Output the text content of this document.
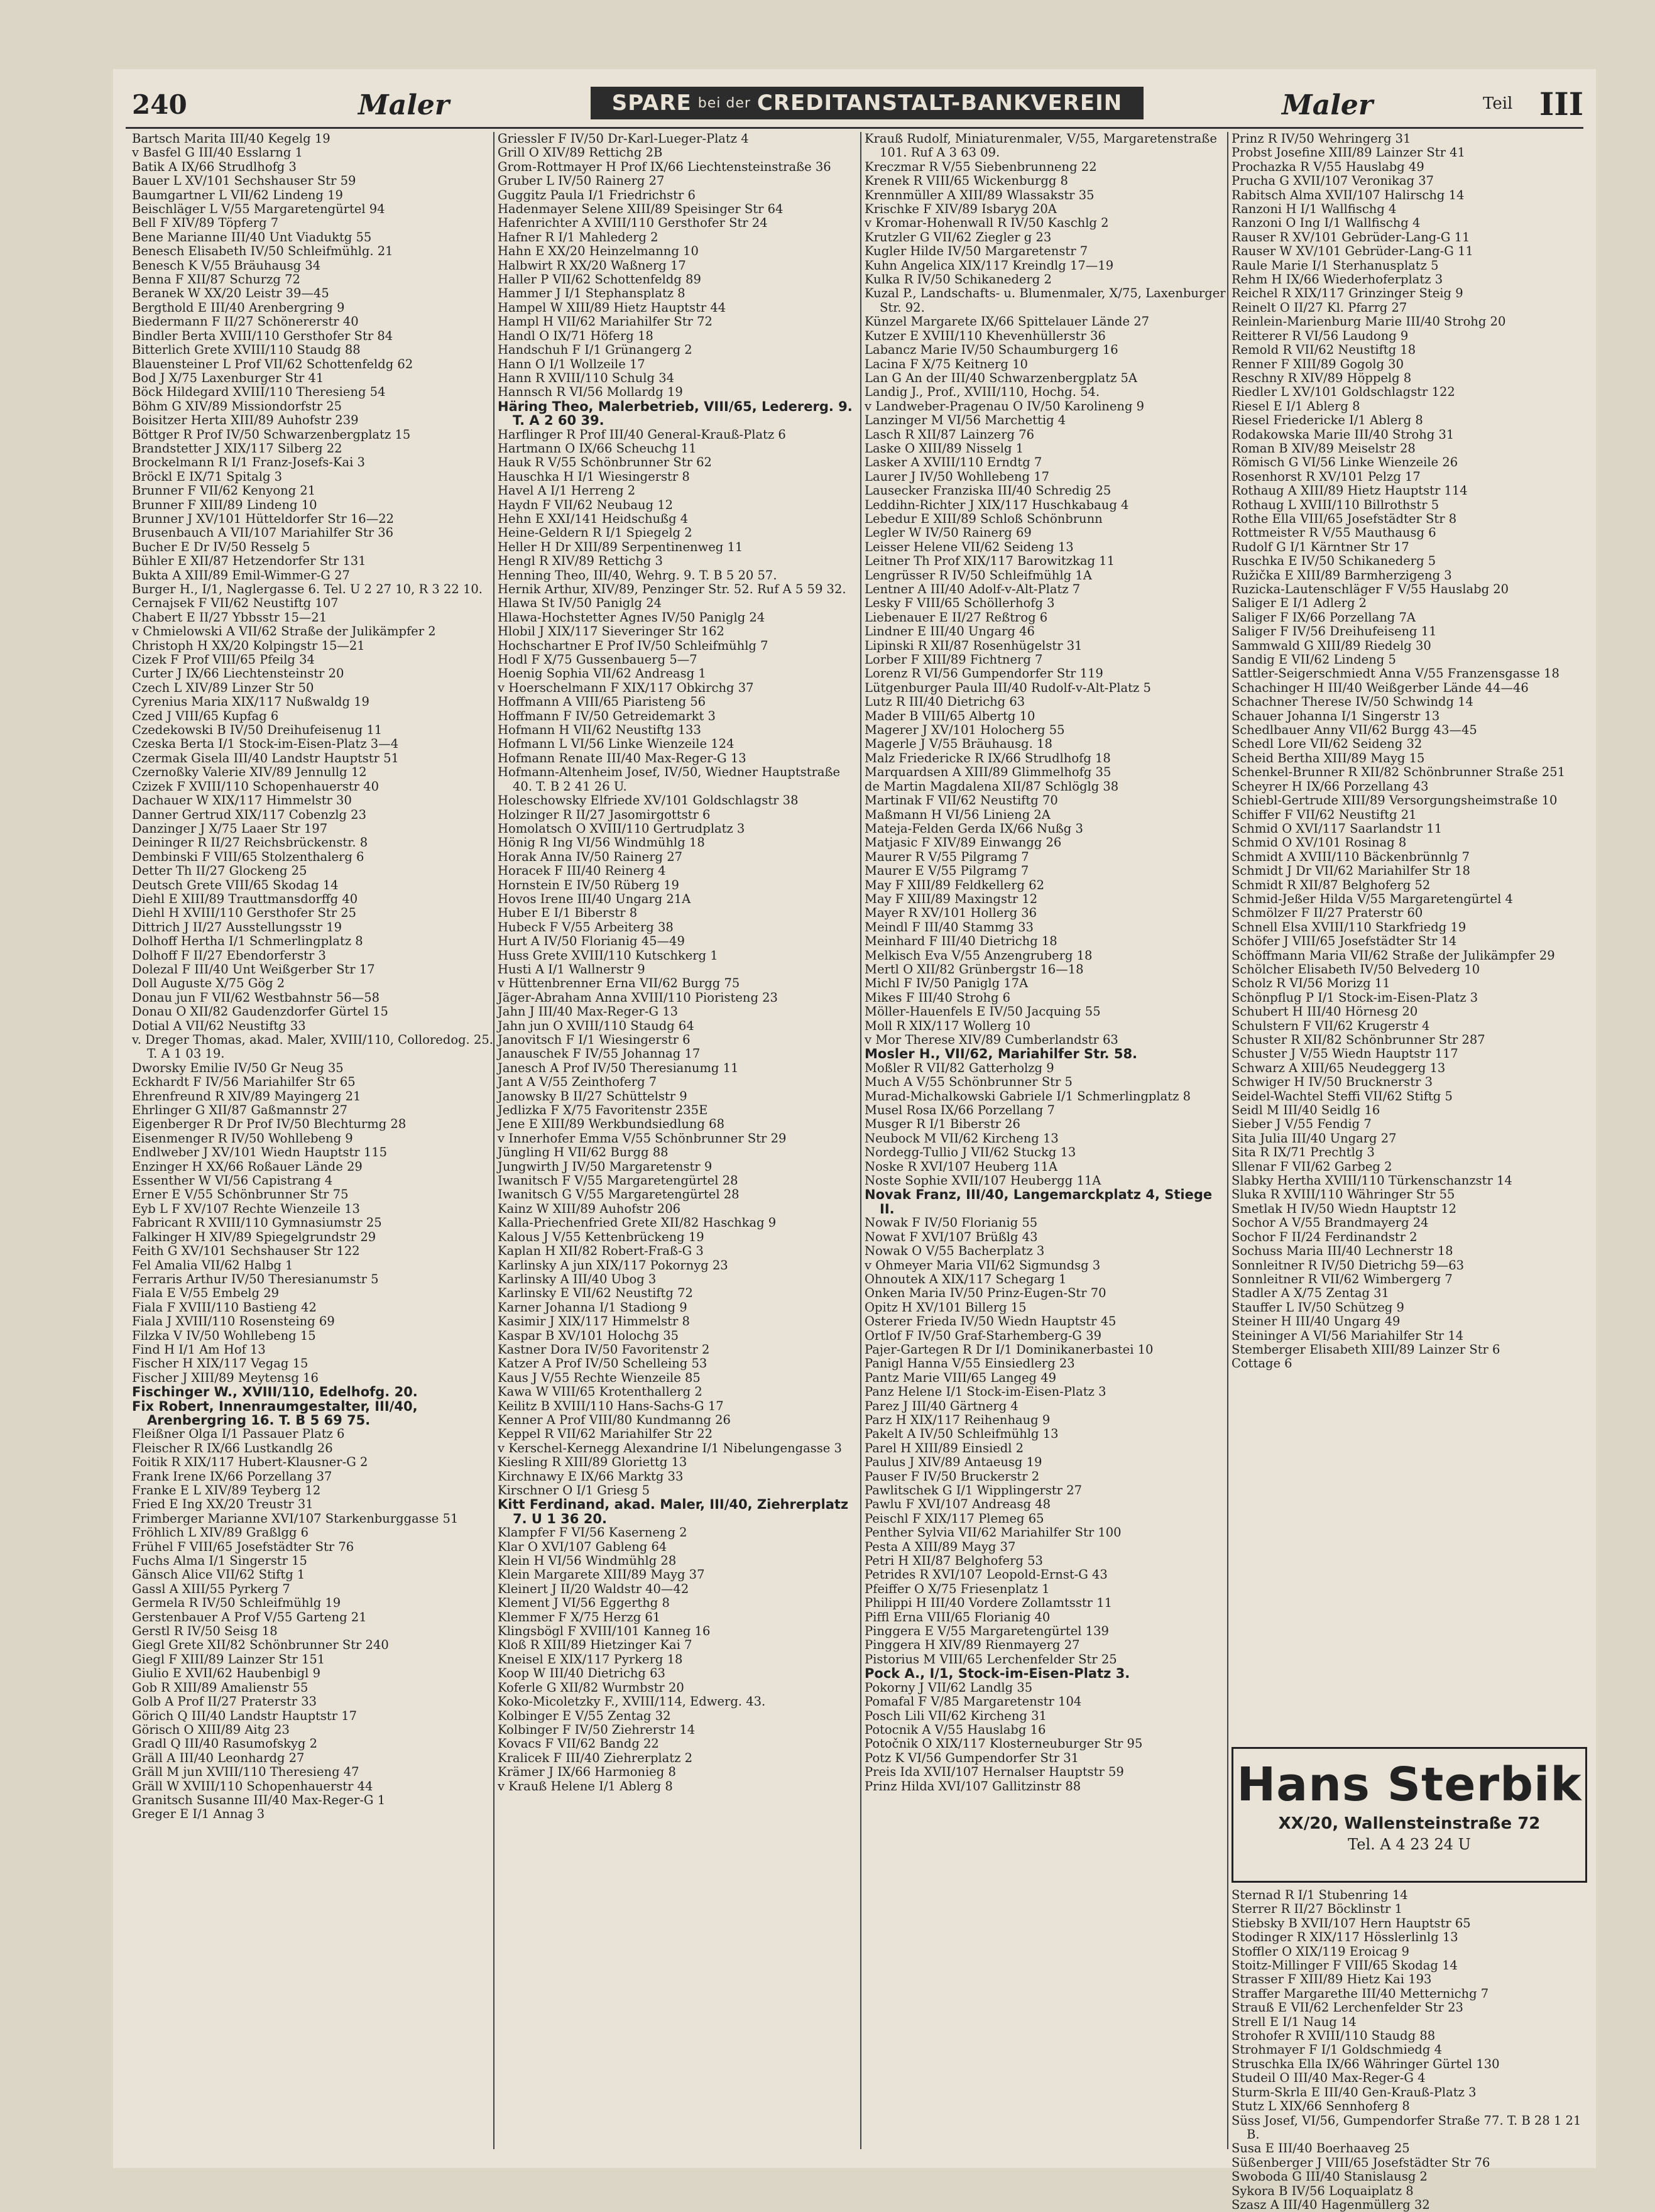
240	Maler	SPARE bei der CREDITANSTALT-BANKVEREIN	Maler	Teil III

Bartsch Marita III/40 Kegelg 19

v Basfel G III/40 Esslarng 1

Batik A IX/66 Strudlhofg 3

Bauer L XV/101 Sechshauser Str 59

Baumgartner L VII/62 Lindeng 19

Beischläger L V/55 Margaretengürtel 94

Bell F XIV/89 Töpferg 7

Bene Marianne III/40 Unt Viaduktg 55

Benesch Elisabeth IV/50 Schleifmühlg. 21

Benesch K V/55 Bräuhausg 34

Benna F XII/87 Schurzg 72

Beranek W XX/20 Leistr 39—45

Bergthold E III/40 Arenbergring 9

Biedermann F II/27 Schönererstr 40

Bindler Berta XVIII/110 Gersthofer Str 84

Bitterlich Grete XVIII/110 Staudg 88

Blauensteiner L Prof VII/62 Schottenfeldg 62

Bod J X/75 Laxenburger Str 41

Böck Hildegard XVIII/110 Theresieng 54

Böhm G XIV/89 Missiondorfstr 25

Boisitzer Herta XIII/89 Auhofstr 239

Böttger R Prof IV/50 Schwarzenbergplatz 15

Brandstetter J XIX/117 Silberg 22

Brockelmann R I/1 Franz-Josefs-Kai 3

Bröckl E IX/71 Spitalg 3

Brunner F VII/62 Kenyong 21

Brunner F XIII/89 Lindeng 10

Brunner J XV/101 Hütteldorfer Str 16—22

Brusenbauch A VII/107 Mariahilfer Str 36

Bucher E Dr IV/50 Resselg 5

Bühler E XII/87 Hetzendorfer Str 131

Bukta A XIII/89 Emil-Wimmer-G 27

Burger H., I/1, Naglergasse 6. Tel. U 2 27 10, R 3 22 10.

Cernajsek F VII/62 Neustiftg 107

Chabert E II/27 Ybbsstr 15—21

v Chmielowski A VII/62 Straße der Julikämpfer 2

Christoph H XX/20 Kolpingstr 15—21

Cizek F Prof VIII/65 Pfeilg 34

Curter J IX/66 Liechtensteinstr 20

Czech L XIV/89 Linzer Str 50

Cyrenius Maria XIX/117 Nußwaldg 19

Czed J VIII/65 Kupfag 6

Czedekowski B IV/50 Dreihufeisenug 11

Czeska Berta I/1 Stock-im-Eisen-Platz 3—4

Czermak Gisela III/40 Landstr Hauptstr 51

Czernoßky Valerie XIV/89 Jennullg 12

Czizek F XVIII/110 Schopenhauerstr 40

Dachauer W XIX/117 Himmelstr 30

Danner Gertrud XIX/117 Cobenzlg 23

Danzinger J X/75 Laaer Str 197

Deininger R II/27 Reichsbrückenstr. 8

Dembinski F VIII/65 Stolzenthalerg 6

Detter Th II/27 Glockeng 25

Deutsch Grete VIII/65 Skodag 14

Diehl E XIII/89 Trauttmansdorffg 40

Diehl H XVIII/110 Gersthofer Str 25

Dittrich J II/27 Ausstellungsstr 19

Dolhoff Hertha I/1 Schmerlingplatz 8

Dolhoff F II/27 Ebendorferstr 3

Dolezal F III/40 Unt Weißgerber Str 17

Doll Auguste X/75 Gög 2

Donau jun F VII/62 Westbahnstr 56—58

Donau O XII/82 Gaudenzdorfer Gürtel 15

Dotial A VII/62 Neustiftg 33

v. Dreger Thomas, akad. Maler, XVIII/110, Colloredog. 25. T. A 1 03 19.

Dworsky Emilie IV/50 Gr Neug 35

Eckhardt F IV/56 Mariahilfer Str 65

Ehrenfreund R XIV/89 Mayingerg 21

Ehrlinger G XII/87 Gaßmannstr 27

Eigenberger R Dr Prof IV/50 Blechturmg 28

Eisenmenger R IV/50 Wohllebeng 9

Endlweber J XV/101 Wiedn Hauptstr 115

Enzinger H XX/66 Roßauer Lände 29

Essenther W VI/56 Capistrang 4

Erner E V/55 Schönbrunner Str 75

Eyb L F XV/107 Rechte Wienzeile 13

Fabricant R XVIII/110 Gymnasiumstr 25

Falkinger H XIV/89 Spiegelgrundstr 29

Feith G XV/101 Sechshauser Str 122

Fel Amalia VII/62 Halbg 1

Ferraris Arthur IV/50 Theresianumstr 5

Fiala E V/55 Embelg 29

Fiala F XVIII/110 Bastieng 42

Fiala J XVIII/110 Rosensteing 69

Filzka V IV/50 Wohllebeng 15

Find H I/1 Am Hof 13

Fischer H XIX/117 Vegag 15

Fischer J XIII/89 Meytensg 16

Fischinger W., XVIII/110, Edelhofg. 20.

Fix Robert, Innenraumgestalter, III/40, Arenbergring 16. T. B 5 69 75.

Fleißner Olga I/1 Passauer Platz 6

Fleischer R IX/66 Lustkandlg 26

Foitik R XIX/117 Hubert-Klausner-G 2

Frank Irene IX/66 Porzellang 37

Franke E L XIV/89 Teyberg 12

Fried E Ing XX/20 Treustr 31

Frimberger Marianne XVI/107 Starkenburggasse 51

Fröhlich L XIV/89 Graßlgg 6

Frühel F VIII/65 Josefstädter Str 76

Fuchs Alma I/1 Singerstr 15

Gänsch Alice VII/62 Stiftg 1

Gassl A XIII/55 Pyrkerg 7

Germela R IV/50 Schleifmühlg 19

Gerstenbauer A Prof V/55 Garteng 21

Gerstl R IV/50 Seisg 18

Giegl Grete XII/82 Schönbrunner Str 240

Giegl F XIII/89 Lainzer Str 151

Giulio E XVII/62 Haubenbigl 9

Gob R XIII/89 Amalienstr 55

Golb A Prof II/27 Praterstr 33

Görich Q III/40 Landstr Hauptstr 17

Görisch O XIII/89 Aitg 23

Gradl Q III/40 Rasumofskyg 2

Gräll A III/40 Leonhardg 27

Gräll M jun XVIII/110 Theresieng 47

Gräll W XVIII/110 Schopenhauerstr 44

Granitsch Susanne III/40 Max-Reger-G 1

Greger E I/1 Annag 3

Griessler F IV/50 Dr-Karl-Lueger-Platz 4

Grill O XIV/89 Rettichg 2B

Grom-Rottmayer H Prof IX/66 Liechtensteinstraße 36

Gruber L IV/50 Rainerg 27

Guggitz Paula I/1 Friedrichstr 6

Hadenmayer Selene XIII/89 Speisinger Str 64

Hafenrichter A XVIII/110 Gersthofer Str 24

Hafner R I/1 Mahlederg 2

Hahn E XX/20 Heinzelmanng 10

Halbwirt R XX/20 Waßnerg 17

Haller P VII/62 Schottenfeldg 89

Hammer J I/1 Stephansplatz 8

Hampel W XIII/89 Hietz Hauptstr 44

Hampl H VII/62 Mariahilfer Str 72

Handl O IX/71 Höferg 18

Handschuh F I/1 Grünangerg 2

Hann O I/1 Wollzeile 17

Hann R XVIII/110 Schulg 34

Hannsch R VI/56 Mollardg 19

Häring Theo, Malerbetrieb, VIII/65, Ledererg. 9. T. A 2 60 39.

Harflinger R Prof III/40 General-Krauß-Platz 6

Hartmann O IX/66 Scheuchg 11

Hauk R V/55 Schönbrunner Str 62

Hauschka H I/1 Wiesingerstr 8

Havel A I/1 Herreng 2

Haydn F VII/62 Neubaug 12

Hehn E XXI/141 Heidschußg 4

Heine-Geldern R I/1 Spiegelg 2

Heller H Dr XIII/89 Serpentinenweg 11

Hengl R XIV/89 Rettichg 3

Henning Theo, III/40, Wehrg. 9. T. B 5 20 57.

Hernik Arthur, XIV/89, Penzinger Str. 52. Ruf A 5 59 32.

Hlawa St IV/50 Paniglg 24

Hlawa-Hochstetter Agnes IV/50 Paniglg 24

Hlobil J XIX/117 Sieveringer Str 162

Hochschartner E Prof IV/50 Schleifmühlg 7

Hodl F X/75 Gussenbauerg 5—7

Hoenig Sophia VII/62 Andreasg 1

v Hoerschelmann F XIX/117 Obkirchg 37

Hoffmann A VIII/65 Piaristeng 56

Hoffmann F IV/50 Getreidemarkt 3

Hofmann H VII/62 Neustiftg 133

Hofmann L VI/56 Linke Wienzeile 124

Hofmann Renate III/40 Max-Reger-G 13

Hofmann-Altenheim Josef, IV/50, Wiedner Hauptstraße 40. T. B 2 41 26 U.

Holeschowsky Elfriede XV/101 Goldschlagstr 38

Holzinger R II/27 Jasomirgottstr 6

Homolatsch O XVIII/110 Gertrudplatz 3

Hönig R Ing VI/56 Windmühlg 18

Horak Anna IV/50 Rainerg 27

Horacek F III/40 Reinerg 4

Hornstein E IV/50 Rüberg 19

Hovos Irene III/40 Ungarg 21A

Huber E I/1 Biberstr 8

Hubeck F V/55 Arbeiterg 38

Hurt A IV/50 Florianig 45—49

Huss Grete XVIII/110 Kutschkerg 1

Husti A I/1 Wallnerstr 9

v Hüttenbrenner Erna VII/62 Burgg 75

Jäger-Abraham Anna XVIII/110 Pioristeng 23

Jahn J III/40 Max-Reger-G 13

Jahn jun O XVIII/110 Staudg 64

Janovitsch F I/1 Wiesingerstr 6

Janauschek F IV/55 Johannag 17

Janesch A Prof IV/50 Theresianumg 11

Jant A V/55 Zeinthoferg 7

Janowsky B II/27 Schüttelstr 9

Jedlizka F X/75 Favoritenstr 235E

Jene E XIII/89 Werkbundsiedlung 68

v Innerhofer Emma V/55 Schönbrunner Str 29

Jüngling H VII/62 Burgg 88

Jungwirth J IV/50 Margaretenstr 9

Iwanitsch F V/55 Margaretengürtel 28

Iwanitsch G V/55 Margaretengürtel 28

Kainz W XIII/89 Auhofstr 206

Kalla-Priechenfried Grete XII/82 Haschkag 9

Kalous J V/55 Kettenbrückeng 19

Kaplan H XII/82 Robert-Fraß-G 3

Karlinsky A jun XIX/117 Pokornyg 23

Karlinsky A III/40 Ubog 3

Karlinsky E VII/62 Neustiftg 72

Karner Johanna I/1 Stadiong 9

Kasimir J XIX/117 Himmelstr 8

Kaspar B XV/101 Holochg 35

Kastner Dora IV/50 Favoritenstr 2

Katzer A Prof IV/50 Schelleing 53

Kaus J V/55 Rechte Wienzeile 85

Kawa W VIII/65 Krotenthallerg 2

Keilitz B XVIII/110 Hans-Sachs-G 17

Kenner A Prof VIII/80 Kundmanng 26

Keppel R VII/62 Mariahilfer Str 22

v Kerschel-Kernegg Alexandrine I/1 Nibelungengasse 3

Kiesling R XIII/89 Gloriettg 13

Kirchnawy E IX/66 Marktg 33

Kirschner O I/1 Griesg 5

Kitt Ferdinand, akad. Maler, III/40, Ziehrerplatz 7. U 1 36 20.

Klampfer F VI/56 Kaserneng 2

Klar O XVI/107 Gableng 64

Klein H VI/56 Windmühlg 28

Klein Margarete XIII/89 Mayg 37

Kleinert J II/20 Waldstr 40—42

Klement J VI/56 Eggerthg 8

Klemmer F X/75 Herzg 61

Klingsbögl F XVIII/101 Kanneg 16

Kloß R XIII/89 Hietzinger Kai 7

Kneisel E XIX/117 Pyrkerg 18

Koop W III/40 Dietrichg 63

Koferle G XII/82 Wurmbstr 20

Koko-Micoletzky F., XVIII/114, Edwerg. 43.

Kolbinger E V/55 Zentag 32

Kolbinger F IV/50 Ziehrerstr 14

Kovacs F VII/62 Bandg 22

Kralicek F III/40 Ziehrerplatz 2

Krämer J IX/66 Harmonieg 8

v Krauß Helene I/1 Ablerg 8

Krauß Rudolf, Miniaturenmaler, V/55, Margaretenstraße 101. Ruf A 3 63 09.

Kreczmar R V/55 Siebenbrunneng 22

Krenek R VIII/65 Wickenburgg 8

Krennmüller A XIII/89 Wlassakstr 35

Krischke F XIV/89 Isbaryg 20A

v Kromar-Hohenwall R IV/50 Kaschlg 2

Krutzler G VII/62 Ziegler g 23

Kugler Hilde IV/50 Margaretenstr 7

Kuhn Angelica XIX/117 Kreindlg 17—19

Kulka R IV/50 Schikanederg 2

Kuzal P., Landschafts- u. Blumenmaler, X/75, Laxenburger Str. 92.

Künzel Margarete IX/66 Spittelauer Lände 27

Kutzer E XVIII/110 Khevenhüllerstr 36

Labancz Marie IV/50 Schaumburgerg 16

Lacina F X/75 Keitnerg 10

Lan G An der III/40 Schwarzenbergplatz 5A

Landig J., Prof., XVIII/110, Hochg. 54.

v Landweber-Pragenau O IV/50 Karolineng 9

Lanzinger M VI/56 Marchettig 4

Lasch R XII/87 Lainzerg 76

Laske O XIII/89 Nisselg 1

Lasker A XVIII/110 Erndtg 7

Laurer J IV/50 Wohllebeng 17

Lausecker Franziska III/40 Schredig 25

Leddihn-Richter J XIX/117 Huschkabaug 4

Lebedur E XIII/89 Schloß Schönbrunn

Legler W IV/50 Rainerg 69

Leisser Helene VII/62 Seideng 13

Leitner Th Prof XIX/117 Barowitzkag 11

Lengrüsser R IV/50 Schleifmühlg 1A

Lentner A III/40 Adolf-v-Alt-Platz 7

Lesky F VIII/65 Schöllerhofg 3

Liebenauer E II/27 Reßtrog 6

Lindner E III/40 Ungarg 46

Lipinski R XII/87 Rosenhügelstr 31

Lorber F XIII/89 Fichtnerg 7

Lorenz R VI/56 Gumpendorfer Str 119

Lütgenburger Paula III/40 Rudolf-v-Alt-Platz 5

Lutz R III/40 Dietrichg 63

Mader B VIII/65 Albertg 10

Magerer J XV/101 Holocherg 55

Magerle J V/55 Bräuhausg. 18

Malz Friedericke R IX/66 Strudlhofg 18

Marquardsen A XIII/89 Glimmelhofg 35

de Martin Magdalena XII/87 Schlöglg 38

Martinak F VII/62 Neustiftg 70

Maßmann H VI/56 Linieng 2A

Mateja-Felden Gerda IX/66 Nußg 3

Matjasic F XIV/89 Einwangg 26

Maurer R V/55 Pilgramg 7

Maurer E V/55 Pilgramg 7

May F XIII/89 Feldkellerg 62

May F XIII/89 Maxingstr 12

Mayer R XV/101 Hollerg 36

Meindl F III/40 Stammg 33

Meinhard F III/40 Dietrichg 18

Melkisch Eva V/55 Anzengruberg 18

Mertl O XII/82 Grünbergstr 16—18

Michl F IV/50 Paniglg 17A

Mikes F III/40 Strohg 6

Möller-Hauenfels E IV/50 Jacquing 55

Moll R XIX/117 Wollerg 10

v Mor Therese XIV/89 Cumberlandstr 63

Mosler H., VII/62, Mariahilfer Str. 58.

Moßler R VII/82 Gatterholzg 9

Much A V/55 Schönbrunner Str 5

Murad-Michalkowski Gabriele I/1 Schmerlingplatz 8

Musel Rosa IX/66 Porzellang 7

Musger R I/1 Biberstr 26

Neubock M VII/62 Kircheng 13

Nordegg-Tullio J VII/62 Stuckg 13

Noske R XVI/107 Heuberg 11A

Noste Sophie XVII/107 Heubergg 11A

Novak Franz, III/40, Langemarckplatz 4, Stiege II.

Nowak F IV/50 Florianig 55

Nowat F XVI/107 Brüßlg 43

Nowak O V/55 Bacherplatz 3

v Ohmeyer Maria VII/62 Sigmundsg 3

Ohnoutek A XIX/117 Schegarg 1

Onken Maria IV/50 Prinz-Eugen-Str 70

Opitz H XV/101 Billerg 15

Osterer Frieda IV/50 Wiedn Hauptstr 45

Ortlof F IV/50 Graf-Starhemberg-G 39

Pajer-Gartegen R Dr I/1 Dominikanerbastei 10

Panigl Hanna V/55 Einsiedlerg 23

Pantz Marie VIII/65 Langeg 49

Panz Helene I/1 Stock-im-Eisen-Platz 3

Parez J III/40 Gärtnerg 4

Parz H XIX/117 Reihenhaug 9

Pakelt A IV/50 Schleifmühlg 13

Parel H XIII/89 Einsiedl 2

Paulus J XIV/89 Antaeusg 19

Pauser F IV/50 Bruckerstr 2

Pawlitschek G I/1 Wipplingerstr 27

Pawlu F XVI/107 Andreasg 48

Peischl F XIX/117 Plemeg 65

Penther Sylvia VII/62 Mariahilfer Str 100

Pesta A XIII/89 Mayg 37

Petri H XII/87 Belghoferg 53

Petrides R XVI/107 Leopold-Ernst-G 43

Pfeiffer O X/75 Friesenplatz 1

Philippi H III/40 Vordere Zollamtsstr 11

Piffl Erna VIII/65 Florianig 40

Pinggera E V/55 Margaretengürtel 139

Pinggera H XIV/89 Rienmayerg 27

Pistorius M VIII/65 Lerchenfelder Str 25

Pock A., I/1, Stock-im-Eisen-Platz 3.

Pokorny J VII/62 Landlg 35

Pomafal F V/85 Margaretenstr 104

Posch Lili VII/62 Kircheng 31

Potocnik A V/55 Hauslabg 16

Potočnik O XIX/117 Klosterneuburger Str 95

Potz K VI/56 Gumpendorfer Str 31

Preis Ida XVII/107 Hernalser Hauptstr 59

Prinz Hilda XVI/107 Gallitzinstr 88

Prinz R IV/50 Wehringerg 31

Probst Josefine XIII/89 Lainzer Str 41

Prochazka R V/55 Hauslabg 49

Prucha G XVII/107 Veronikag 37

Rabitsch Alma XVII/107 Halirschg 14

Ranzoni H I/1 Wallfischg 4

Ranzoni O Ing I/1 Wallfischg 4

Rauser R XV/101 Gebrüder-Lang-G 11

Rauser W XV/101 Gebrüder-Lang-G 11

Raule Marie I/1 Sterhanusplatz 5

Rehm H IX/66 Wiederhoferplatz 3

Reichel R XIX/117 Grinzinger Steig 9

Reinelt O II/27 Kl. Pfarrg 27

Reinlein-Marienburg Marie III/40 Strohg 20

Reitterer R VI/56 Laudong 9

Remold R VII/62 Neustiftg 18

Renner F XIII/89 Gogolg 30

Reschny R XIV/89 Höppelg 8

Riedler L XV/101 Goldschlagstr 122

Riesel E I/1 Ablerg 8

Riesel Friedericke I/1 Ablerg 8

Rodakowska Marie III/40 Strohg 31

Roman B XIV/89 Meiselstr 28

Römisch G VI/56 Linke Wienzeile 26

Rosenhorst R XV/101 Pelzg 17

Rothaug A XIII/89 Hietz Hauptstr 114

Rothaug L XVIII/110 Billrothstr 5

Rothe Ella VIII/65 Josefstädter Str 8

Rottmeister R V/55 Mauthausg 6

Rudolf G I/1 Kärntner Str 17

Ruschka E IV/50 Schikanederg 5

Ružička E XIII/89 Barmherzigeng 3

Ruzicka-Lautenschläger F V/55 Hauslabg 20

Saliger E I/1 Adlerg 2

Saliger F IX/66 Porzellang 7A

Saliger F IV/56 Dreihufeiseng 11

Sammwald G XIII/89 Riedelg 30

Sandig E VII/62 Lindeng 5

Sattler-Seigerschmiedt Anna V/55 Franzensgasse 18

Schachinger H III/40 Weißgerber Lände 44—46

Schachner Therese IV/50 Schwindg 14

Schauer Johanna I/1 Singerstr 13

Schedlbauer Anny VII/62 Burgg 43—45

Schedl Lore VII/62 Seideng 32

Scheid Bertha XIII/89 Mayg 15

Schenkel-Brunner R XII/82 Schönbrunner Straße 251

Scheyrer H IX/66 Porzellang 43

Schiebl-Gertrude XIII/89 Versorgungsheimstraße 10

Schiffer F VII/62 Neustiftg 21

Schmid O XVI/117 Saarlandstr 11

Schmid O XV/101 Rosinag 8

Schmidt A XVIII/110 Bäckenbrünnlg 7

Schmidt J Dr VII/62 Mariahilfer Str 18

Schmidt R XII/87 Belghoferg 52

Schmid-Jeßer Hilda V/55 Margaretengürtel 4

Schmölzer F II/27 Praterstr 60

Schnell Elsa XVIII/110 Starkfriedg 19

Schöfer J VIII/65 Josefstädter Str 14

Schöffmann Maria VII/62 Straße der Julikämpfer 29

Schölcher Elisabeth IV/50 Belvederg 10

Scholz R VI/56 Morizg 11

Schönpflug P I/1 Stock-im-Eisen-Platz 3

Schubert H III/40 Hörnesg 20

Schulstern F VII/62 Krugerstr 4

Schuster R XII/82 Schönbrunner Str 287

Schuster J V/55 Wiedn Hauptstr 117

Schwarz A XIII/65 Neudeggerg 13

Schwiger H IV/50 Brucknerstr 3

Seidel-Wachtel Steffi VII/62 Stiftg 5

Seidl M III/40 Seidlg 16

Sieber J V/55 Fendig 7

Sita Julia III/40 Ungarg 27

Sita R IX/71 Prechtlg 3

Sllenar F VII/62 Garbeg 2

Slabky Hertha XVIII/110 Türkenschanzstr 14

Sluka R XVIII/110 Währinger Str 55

Smetlak H IV/50 Wiedn Hauptstr 12

Sochor A V/55 Brandmayerg 24

Sochor F II/24 Ferdinandstr 2

Sochuss Maria III/40 Lechnerstr 18

Sonnleitner R IV/50 Dietrichg 59—63

Sonnleitner R VII/62 Wimbergerg 7

Stadler A X/75 Zentag 31

Stauffer L IV/50 Schützeg 9

Steiner H III/40 Ungarg 49

Steininger A VI/56 Mariahilfer Str 14

Stemberger Elisabeth XIII/89 Lainzer Str 6

Cottage 6

Hans Sterbik
XX/20, Wallensteinstraße 72
Tel. A 4 23 24 U

Sternad R I/1 Stubenring 14

Sterrer R II/27 Böcklinstr 1

Stiebsky B XVII/107 Hern Hauptstr 65

Stodinger R XIX/117 Hösslerlinlg 13

Stoffler O XIX/119 Eroicag 9

Stoitz-Millinger F VIII/65 Skodag 14

Strasser F XIII/89 Hietz Kai 193

Straffer Margarethe III/40 Metternichg 7

Strauß E VII/62 Lerchenfelder Str 23

Strell E I/1 Naug 14

Strohofer R XVIII/110 Staudg 88

Strohmayer F I/1 Goldschmiedg 4

Struschka Ella IX/66 Währinger Gürtel 130

Studeil O III/40 Max-Reger-G 4

Sturm-Skrla E III/40 Gen-Krauß-Platz 3

Stutz L XIX/66 Sennhoferg 8

Süss Josef, VI/56, Gumpendorfer Straße 77. T. B 28 1 21 B.

Susa E III/40 Boerhaaveg 25

Süßenberger J VIII/65 Josefstädter Str 76

Swoboda G III/40 Stanislausg 2

Sykora B IV/56 Loquaiplatz 8

Szasz A III/40 Hagenmüllerg 32
